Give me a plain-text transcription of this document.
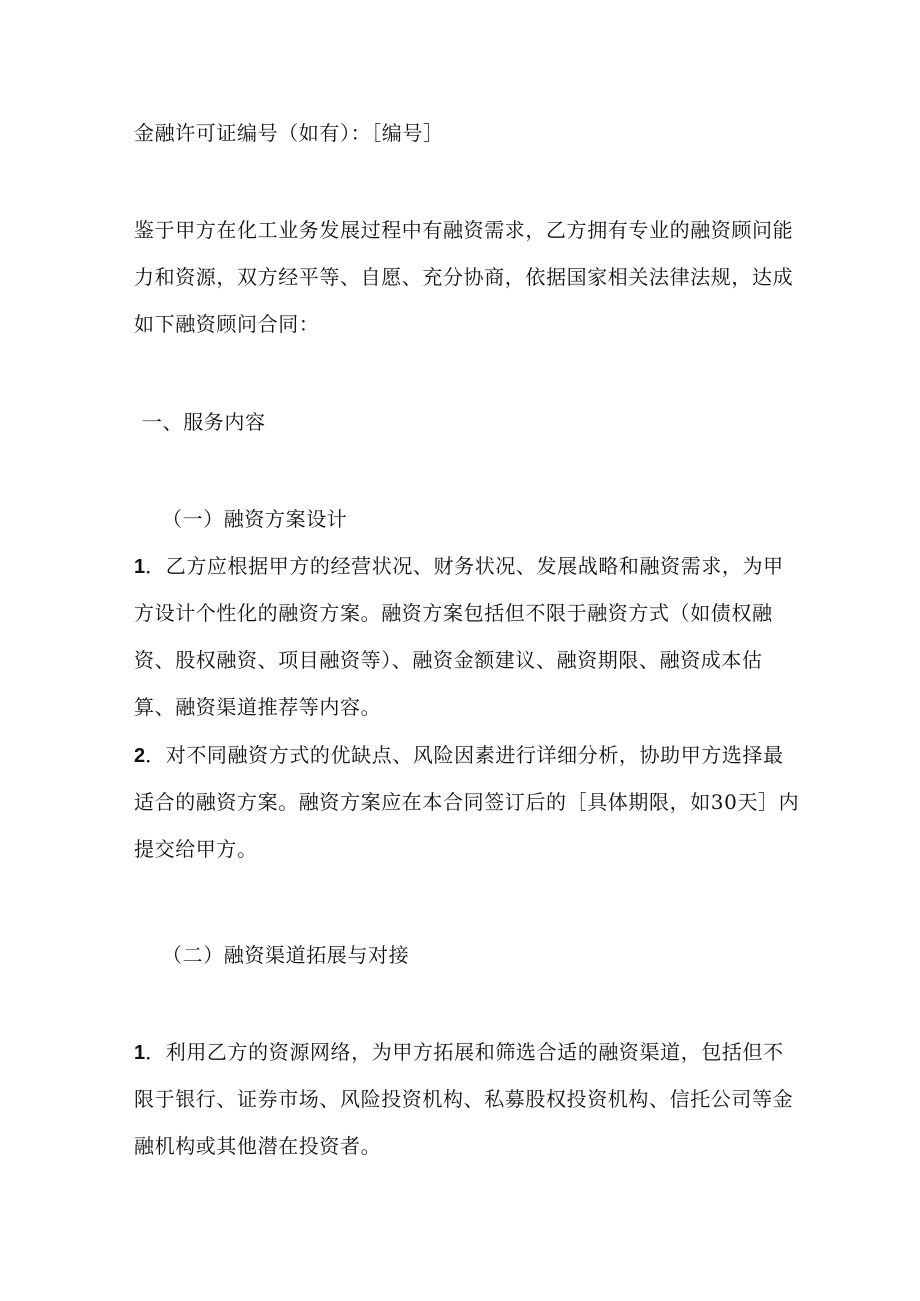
金融许可证编号（如有）：［编号］
鉴于甲方在化工业务发展过程中有融资需求，乙方拥有专业的融资顾问能
力和资源，双方经平等、自愿、充分协商，依据国家相关法律法规，达成
如下融资顾问合同：
一、服务内容
（一）融资方案设计
1．乙方应根据甲方的经营状况、财务状况、发展战略和融资需求，为甲
方设计个性化的融资方案。融资方案包括但不限于融资方式（如债权融
资、股权融资、项目融资等）、融资金额建议、融资期限、融资成本估
算、融资渠道推荐等内容。
2．对不同融资方式的优缺点、风险因素进行详细分析，协助甲方选择最
适合的融资方案。融资方案应在本合同签订后的［具体期限，如30天］内
提交给甲方。
（二）融资渠道拓展与对接
1．利用乙方的资源网络，为甲方拓展和筛选合适的融资渠道，包括但不
限于银行、证券市场、风险投资机构、私募股权投资机构、信托公司等金
融机构或其他潜在投资者。
